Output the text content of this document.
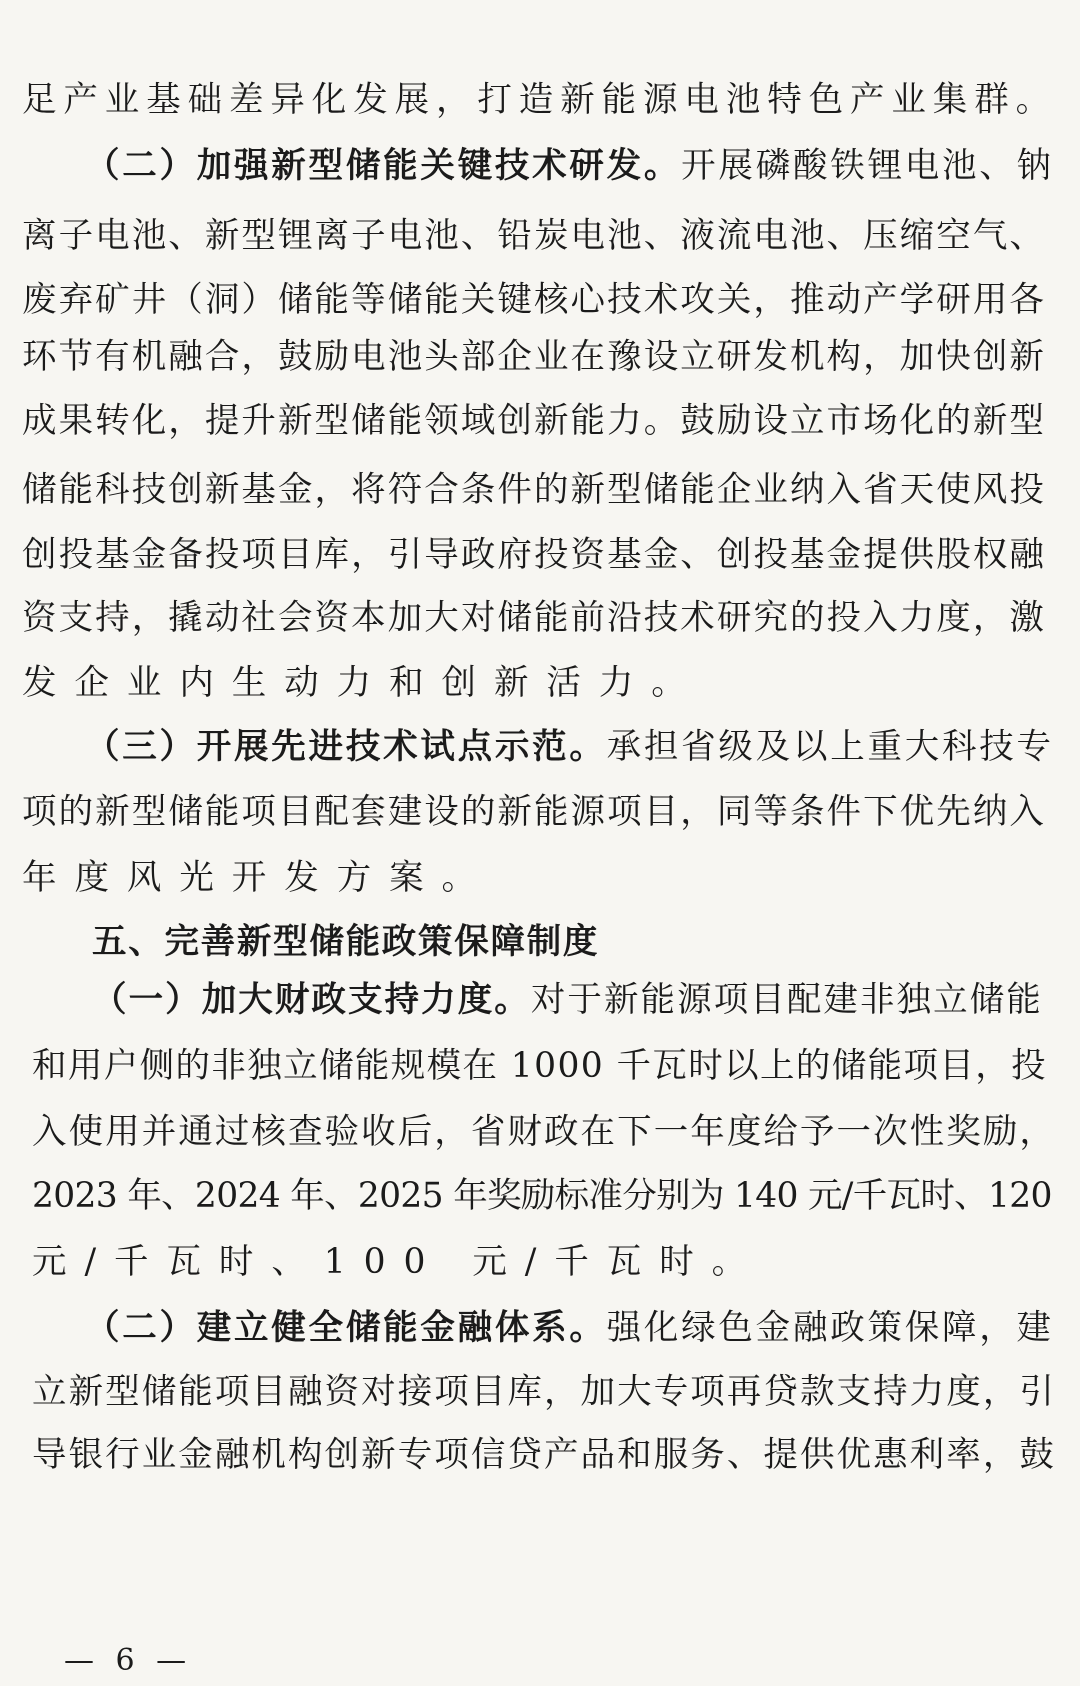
足产业基础差异化发展，打造新能源电池特色产业集群。
（二）加强新型储能关键技术研发。开展磷酸铁锂电池、钠
离子电池、新型锂离子电池、铅炭电池、液流电池、压缩空气、
废弃矿井（洞）储能等储能关键核心技术攻关，推动产学研用各
环节有机融合，鼓励电池头部企业在豫设立研发机构，加快创新
成果转化，提升新型储能领域创新能力。鼓励设立市场化的新型
储能科技创新基金，将符合条件的新型储能企业纳入省天使风投
创投基金备投项目库，引导政府投资基金、创投基金提供股权融
资支持，撬动社会资本加大对储能前沿技术研究的投入力度，激
发企业内生动力和创新活力。
（三）开展先进技术试点示范。承担省级及以上重大科技专
项的新型储能项目配套建设的新能源项目，同等条件下优先纳入
年度风光开发方案。
五、完善新型储能政策保障制度
（一）加大财政支持力度。对于新能源项目配建非独立储能
和用户侧的非独立储能规模在 1000 千瓦时以上的储能项目，投
入使用并通过核查验收后，省财政在下一年度给予一次性奖励，
2023 年、2024 年、2025 年奖励标准分别为 140 元/千瓦时、120
元/千瓦时、100 元/千瓦时。
（二）建立健全储能金融体系。强化绿色金融政策保障，建
立新型储能项目融资对接项目库，加大专项再贷款支持力度，引
导银行业金融机构创新专项信贷产品和服务、提供优惠利率，鼓
— 6 —
